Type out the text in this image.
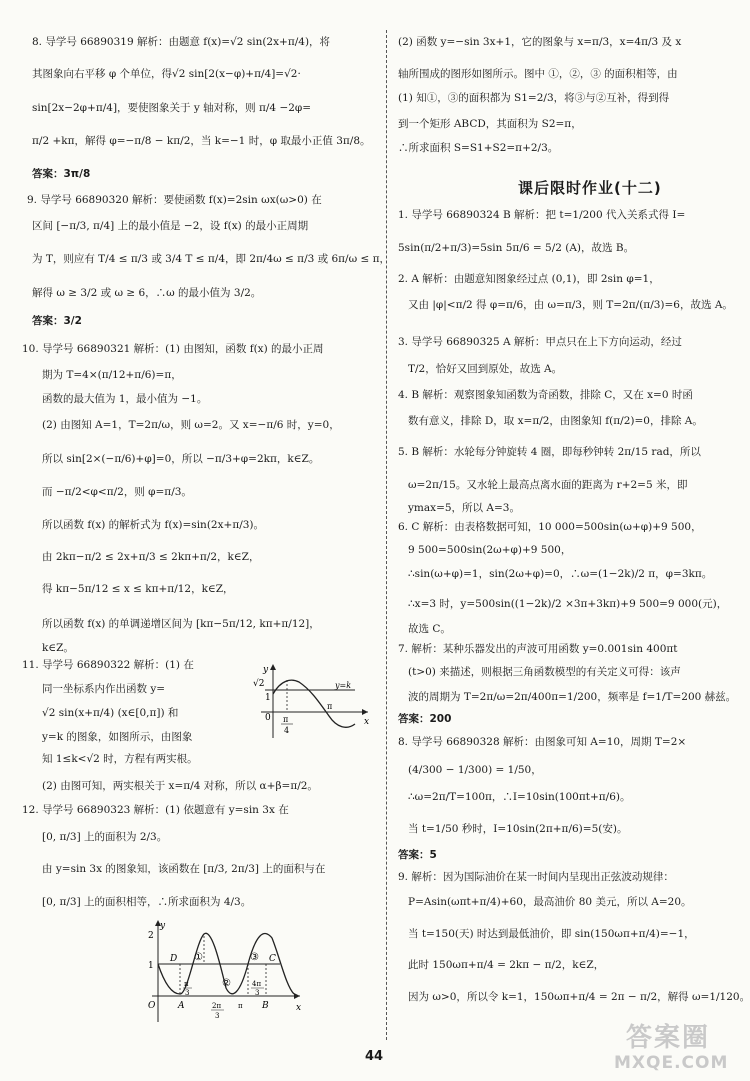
8. 导学号 66890319 解析：由题意 f(x)=√2 sin(2x+π/4)，将
其图象向右平移 φ 个单位，得√2 sin[2(x−φ)+π/4]=√2·
sin[2x−2φ+π/4]，要使图象关于 y 轴对称，则 π/4 −2φ=
π/2 +kπ，解得 φ=−π/8 − kπ/2，当 k=−1 时，φ 取最小正值 3π/8。
答案：3π/8
9. 导学号 66890320 解析：要使函数 f(x)=2sin ωx(ω>0) 在
区间 [−π/3, π/4] 上的最小值是 −2，设 f(x) 的最小正周期
为 T，则应有 T/4 ≤ π/3 或 3/4 T ≤ π/4，即 2π/4ω ≤ π/3 或 6π/ω ≤ π，
解得 ω ≥ 3/2 或 ω ≥ 6，∴ω 的最小值为 3/2。
答案：3/2
10. 导学号 66890321 解析：(1) 由图知，函数 f(x) 的最小正周
期为 T=4×(π/12+π/6)=π，
函数的最大值为 1，最小值为 −1。
(2) 由图知 A=1，T=2π/ω，则 ω=2。又 x=−π/6 时，y=0，
所以 sin[2×(−π/6)+φ]=0，所以 −π/3+φ=2kπ，k∈Z。
而 −π/2<φ<π/2，则 φ=π/3。
所以函数 f(x) 的解析式为 f(x)=sin(2x+π/3)。
由 2kπ−π/2 ≤ 2x+π/3 ≤ 2kπ+π/2，k∈Z，
得 kπ−5π/12 ≤ x ≤ kπ+π/12，k∈Z，
所以函数 f(x) 的单调递增区间为 [kπ−5π/12, kπ+π/12]，
k∈Z。
11. 导学号 66890322 解析：(1) 在
同一坐标系内作出函数 y=
√2 sin(x+π/4) (x∈[0,π]) 和
y=k 的图象，如图所示，由图象
知 1≤k<√2 时，方程有两实根。
(2) 由图可知，两实根关于 x=π/4 对称，所以 α+β=π/2。
12. 导学号 66890323 解析：(1) 依题意有 y=sin 3x 在
[0, π/3] 上的面积为 2/3。
由 y=sin 3x 的图象知，该函数在 [π/3, 2π/3] 上的面积与在
[0, π/3] 上的面积相等，∴所求面积为 4/3。
课后限时作业(十二)
(2) 函数 y=−sin 3x+1，它的图象与 x=π/3，x=4π/3 及 x
轴所围成的图形如图所示。图中 ①，②，③ 的面积相等，由
(1) 知①，③的面积都为 S1=2/3，将③与②互补，得到得
到一个矩形 ABCD，其面积为 S2=π，
∴所求面积 S=S1+S2=π+2/3。
1. 导学号 66890324 B 解析：把 t=1/200 代入关系式得 I=
5sin(π/2+π/3)=5sin 5π/6 = 5/2 (A)，故选 B。
2. A 解析：由题意知图象经过点 (0,1)，即 2sin φ=1，
又由 |φ|<π/2 得 φ=π/6，由 ω=π/3，则 T=2π/(π/3)=6，故选 A。
3. 导学号 66890325 A 解析：甲点只在上下方向运动，经过
T/2，恰好又回到原处，故选 A。
4. B 解析：观察图象知函数为奇函数，排除 C，又在 x=0 时函
数有意义，排除 D，取 x=π/2，由图象知 f(π/2)=0，排除 A。
5. B 解析：水轮每分钟旋转 4 圈，即每秒钟转 2π/15 rad，所以
ω=2π/15。又水轮上最高点离水面的距离为 r+2=5 米，即
ymax=5，所以 A=3。
6. C 解析：由表格数据可知，10 000=500sin(ω+φ)+9 500，
9 500=500sin(2ω+φ)+9 500，
∴sin(ω+φ)=1，sin(2ω+φ)=0，∴ω=(1−2k)/2 π，φ=3kπ。
∴x=3 时，y=500sin((1−2k)/2 ×3π+3kπ)+9 500=9 000(元)，
故选 C。
7. 解析：某种乐器发出的声波可用函数 y=0.001sin 400πt
(t>0) 来描述，则根据三角函数模型的有关定义可得：该声
波的周期为 T=2π/ω=2π/400π=1/200，频率是 f=1/T=200 赫兹。
答案：200
8. 导学号 66890328 解析：由图象可知 A=10，周期 T=2×
(4/300 − 1/300) = 1/50，
∴ω=2π/T=100π，∴I=10sin(100πt+π/6)。
当 t=1/50 秒时，I=10sin(2π+π/6)=5(安)。
答案：5
9. 解析：因为国际油价在某一时间内呈现出正弦波动规律：
P=Asin(ωπt+π/4)+60，最高油价 80 美元，所以 A=20。
当 t=150(天) 时达到最低油价，即 sin(150ωπ+π/4)=−1，
此时 150ωπ+π/4 = 2kπ − π/2，k∈Z，
因为 ω>0，所以令 k=1，150ωπ+π/4 = 2π − π/2，解得 ω=1/120。
y
x
√2
1
0
y=k
π
4
π
y
x
2
1
O
D	C
A	B
①
②
③
π
3
2π
3
π
4π
3
44
答案圈
MXQE.COM
